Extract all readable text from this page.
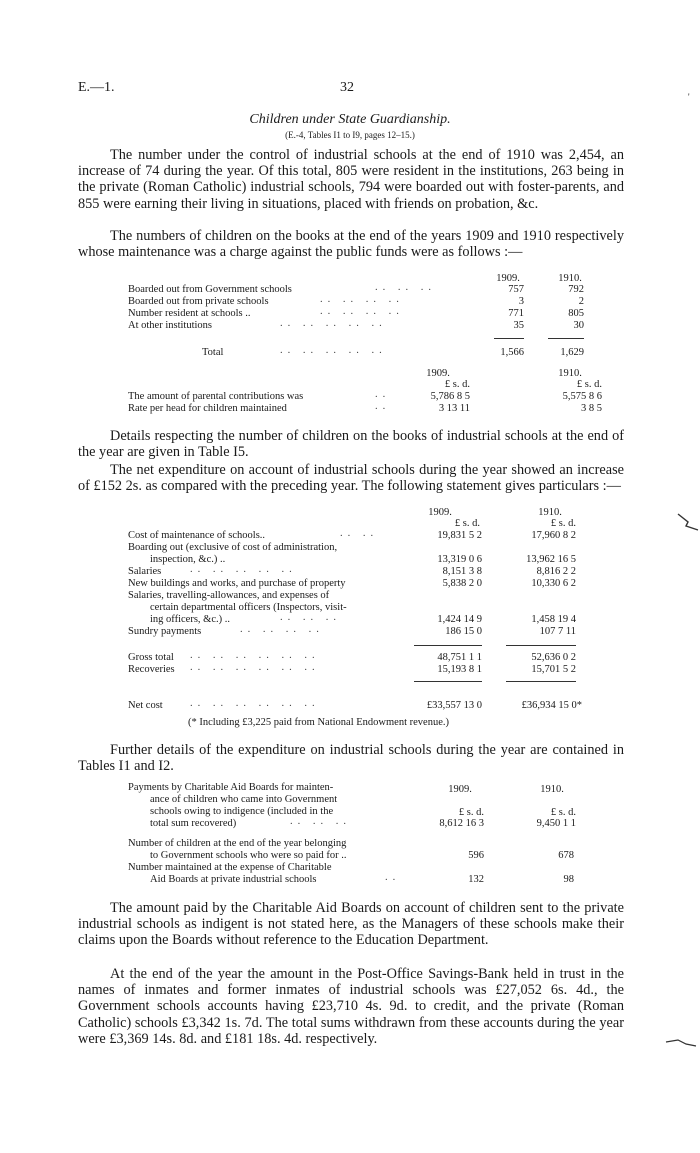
E.—1.	32
'
Children under State Guardianship.
(E.-4, Tables I1 to I9, pages 12–15.)
The number under the control of industrial schools at the end of 1910 was 2,454, an increase of 74 during the year. Of this total, 805 were resident in the institutions, 263 being in the private (Roman Catholic) industrial schools, 794 were boarded out with foster-parents, and 855 were earning their living in situations, placed with friends on probation, &c.
The numbers of children on the books at the end of the years 1909 and 1910 respectively whose maintenance was a charge against the public funds were as follows :—
1909.	1910.
Boarded out from Government schools	.. .. ..	757	792
Boarded out from private schools	.. .. .. ..	3	2
Number resident at schools ..	.. .. .. ..	771	805
At other institutions	.. .. .. .. ..	35	30
Total	.. .. .. .. ..	1,566	1,629
1909.	1910.
£ s. d.	£ s. d.
The amount of parental contributions was	..	5,786 8 5	5,575 8 6
Rate per head for children maintained	..	3 13 11	3 8 5
Details respecting the number of children on the books of industrial schools at the end of the year are given in Table I5.
The net expenditure on account of industrial schools during the year showed an increase of £152 2s. as compared with the preceding year. The following statement gives particulars :—
1909.	1910.
£ s. d.	£ s. d.
Cost of maintenance of schools..	.. ..	19,831 5 2	17,960 8 2
Boarding out (exclusive of cost of administration,
inspection, &c.) ..	13,319 0 6	13,962 16 5
Salaries	.. .. .. .. ..	8,151 3 8	8,816 2 2
New buildings and works, and purchase of property	5,838 2 0	10,330 6 2
Salaries, travelling-allowances, and expenses of
certain departmental officers (Inspectors, visit-
ing officers, &c.) ..	.. .. ..	1,424 14 9	1,458 19 4
Sundry payments	.. .. .. ..	186 15 0	107 7 11
Gross total .. .. .. .. .. ..	48,751 1 1	52,636 0 2
Recoveries .. .. .. .. .. ..	15,193 8 1	15,701 5 2
Net cost	.. .. .. .. .. ..	£33,557 13 0	£36,934 15 0*
(* Including £3,225 paid from National Endowment revenue.)
Further details of the expenditure on industrial schools during the year are contained in Tables I1 and I2.
1909.	1910.
Payments by Charitable Aid Boards for mainten-
ance of children who came into Government
schools owing to indigence (included in the
total sum recovered)	.. .. ..
£ s. d.	£ s. d.
8,612 16 3	9,450 1 1
Number of children at the end of the year belonging
to Government schools who were so paid for ..	596	678
Number maintained at the expense of Charitable
Aid Boards at private industrial schools	..	132	98
The amount paid by the Charitable Aid Boards on account of children sent to the private industrial schools as indigent is not stated here, as the Managers of these schools make their claims upon the Boards without reference to the Education Department.
At the end of the year the amount in the Post-Office Savings-Bank held in trust in the names of inmates and former inmates of industrial schools was £27,052 6s. 4d., the Government schools accounts having £23,710 4s. 9d. to credit, and the private (Roman Catholic) schools £3,342 1s. 7d. The total sums withdrawn from these accounts during the year were £3,369 14s. 8d. and £181 18s. 4d. respectively.
